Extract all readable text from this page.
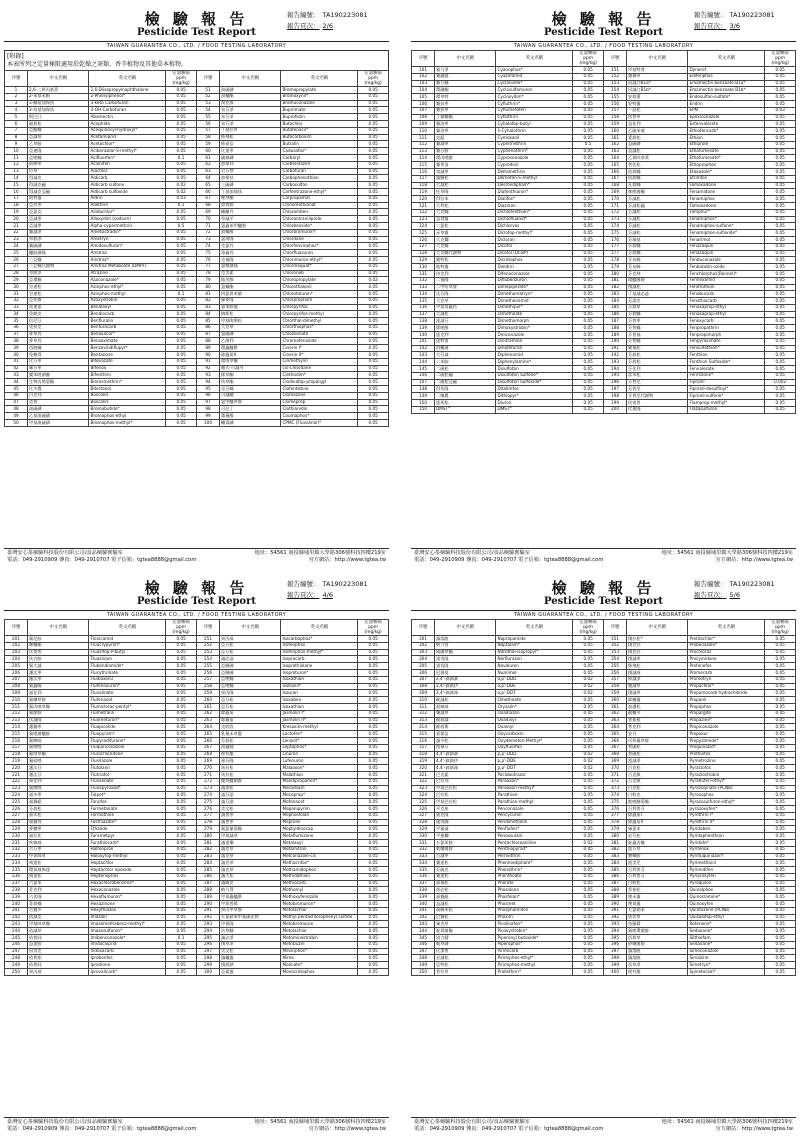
檢 驗 報 告
Pesticide Test Report
報告編號： TA190223081
報告頁次： 2/6
TAIWAN GUARANTEA CO., LTD. / FOOD TESTING LABORATORY
[附錄]
本表所列之定量極限適用於乾燥之茶類、香辛植物及其他草本植物。
序號	中文名稱	英文名稱	定量極限 ppm (mg/kg)	序號	中文名稱	英文名稱	定量極限 ppm (mg/kg)
1	2,6-二異丙基萘	2,6-Diisopropylnaphthalene	0.05	51	溴硫磷	Bromopropylate	0.05
2	2-苯基苯酚	2-Phenylphenol*	0.05	52	溴蟎酯	Bromoxynil*	0.05
3	3-酮基加保扶	3-keto Carbofuran	0.05	53	溴克威	Bromuconazole	0.05
4	3-羥基加保扶	3-OH Carbofuran	0.05	54	布芬淨	Bupirimate	0.05
5	阿巴汀	Abamectin	0.05	55	布芬淨	Buprofezin	0.05
6	毆殺松	Acephate	0.05	56	布芬淨	Butachlor	0.05
7	亞醌蟎	Acequinocyl-hydroxyl*	0.05	57	丁基拉草	Butafenacil*	0.05
8	亞滅培	Acetamiprid	0.05	58	佈飛松	Butocarboxim	0.05
9	乙草胺	Acetochlor*	0.05	59	佈嘉信	Butralin	0.05
10	亞速隆	Acibenzolar-S-methyl*	0.05	60	比達寧	Cadusafos*	0.05
11	亞喹蟎	Acifluorfen*	0.1	61	硫線磷	Carbaryl	0.05
12	阿納寧	Aclonifen	0.05	62	加保利	Carbendazim	0.05
13	拉草	Alachlor	0.05	63	貝芬替	Carbofuran	0.05
14	得滅克	Aldicarb	0.05	64	加保扶	Carbophenothion	0.05
15	得滅克碸	Aldicarb sulfone	0.02	65	三硫磷	Carbosulfan	0.05
16	得滅克亞碸	Aldicarb sulfoxide	0.02	66	丁基加保扶	Carfentrazone-ethyl*	0.05
17	阿特靈	Aldrin	0.03	67	唑草酮	Carpropamid	0.05
18	亞烈寧	Allethrin	0.1	68	加普胺	Chinomethionat	0.05
19	亞氯克	Allidochlor*	0.05	69	蟎離丹	Chloramben	0.05
20	亞滅寧	Alloxydim (sodium)	0.05	70	草滅平	Chlorantraniliprole	0.05
21	亞滅寧	Alpha-cypermethrin	0.5	71	氯蟲苯甲醯胺	Chlorbenside*	0.05
22	賽滅淨	Ametoctradin*	0.05	72	殺蟎醇	Chlorbromuron*	0.05
23	草殺淨	Ametryn	0.05	73	氯溴隆	Chlordane	0.05
24	賽硫磷	Amidosulfuron*	0.05	74	克氯丹	Chlorfenvinphos*	0.05
25	醯胺磺隆	Amitraz	0.05	75	毒蟲畏	Chlorfluazuron	0.05
26	三亞蟎	Amitraz*	0.05	76	克福隆	Chlorimuron-ethyl*	0.05
27	三亞蟎代謝物	Amitraz Metabolite (DMPF)	0.05	77	氯嘧磺隆	Chlormequat*	0.05
28	草脫淨	Atrazine	0.05	78	克美素	Chloroneb	0.05
29	亞環錫	Azaconazole*	0.05	79	地茂散	Chloropropylate	0.02
30	谷速松	Azinphos-ethyl*	0.05	80	氯蟎酯	Chlorothalonil	0.05
31	谷速松	Azinphos-methyl	0.1	81	四氯異苯腈	Chlorotoluron*	0.05
32	亞托敏	Azoxystrobin	0.05	82	綠麥隆	Chlorpropham	0.05
33	免速達	Benalaxyl	0.05	83	氯苯胺靈	Chlorpyrifos	0.05
34	免敵克	Bendiocarb	0.05	84	陶斯松	Chlorpyrifos-methyl	0.05
35	倍尼芬	Benfluralin	0.05	85	甲基陶斯松	Chlorthal-dimethyl	0.05
36	免扶克	Benfuracarb	0.05	86	大克草	Chlorthiophos*	0.05
37	麥草畏	Benoxacor*	0.05	87	氯硫磷	Chlozolinate	0.05
38	麥草畏	Benzoximate	0.05	88	乙菌利	Chromafenozide	0.05
39	西脫蟎	Benzovindiflupyr*	0.05	89	環蟲醯肼	Cinerin I*	0.05
40	免賴得	Bentazone	0.05	90	除蟲菊II	Cinerin II*	0.05
41	比芬寧	Bifenazate	0.05	91	環庚草醚	Cinmethylin	0.05
42	畢芬寧	Bifenox	0.05	92	順式-可滅丹	cis-Chlordane	0.05
43	雙苯唑菌酯	Bifenthrin	0.05	93	烯草酮	Clethodim*	0.05
44	生物丙烯菊酯	Bioresmethrin*	0.05	94	炔草酯	Clodinafop-propargyl	0.05
45	比多農	Bitertanol	0.05	95	克芬蟎	Clofentezine	0.05
46	白克列	Boscalid	0.05	96	可滅蹤	Clomazone	0.05
47	克普	Boscalid	0.05	97	氯甲醯草胺	Clomeprop	0.05
48	溴硫磷	Bromobutide*	0.05	98	可尼丁	Clothianidin	0.05
49	乙基溴硫磷	Bromophos-ethyl	0.05	99	薔薇醇	Coumaphos*	0.05
50	甲基溴硫磷	Bromophos-methyl*	0.05	100	蠅毒磷	CPMC (Fluvalinol)*	0.05
臺灣安心茶檢驗科技股份有限公司/食品檢驗實驗室
電話：049-2910909 傳真：049-2910707 電子信箱：tgtea8888@gmail.com
地址：54561 南投縣埔里鎮大學路306號科技四樓219室
官方網站：http://www.tgtea.tw
檢 驗 報 告
Pesticide Test Report
報告編號： TA190223081
報告頁次： 3/6
TAIWAN GUARANTEA CO., LTD. / FOOD TESTING LABORATORY
序號	中文名稱	英文名稱	定量極限 ppm (mg/kg)	序號	中文名稱	英文名稱	定量極限 ppm (mg/kg)
101	氰乃淨	Cyanophos*	0.05	151	甲基特普	Dynerof	0.05
102	賽蟲腈	Cyazofamid	0.05	152	護賽寧	Edifenphos	0.05
103	賽芬蟎	Cyclanilide*	0.05	153	因滅汀B1a*	Emamectin benzoate B1a*	0.05
104	環磺酮	Cyclosulfamuron	0.05	154	因滅汀B1b*	Emamectin benzoate B1b*	0.05
105	環草特	Cycloxydim*	0.05	155	安殺番	Endosulfan-sulfate*	0.05
106	賽扶寧	Cyfluthrin*	0.05	156	安特靈	Endrin	0.05
107	賽扶寧	Cyflumetofen	0.05	157	一品松	EPN	0.03
108	丁氟蟎酯	Cyfluthrin	0.05	158	依普寧	Epoxiconazole	0.05
109	賽洛寧	Cyhalofop-butyl	0.05	159	益化利	Esfenvalerate	0.05
110	賽洛寧	λ-Cyhalothrin	0.05	160	乙硫苯威	Ethiofencarb*	0.05
111	克絕	Cymoxanil	0.05	161	愛殺松	Ethion	0.05
112	賽滅寧	Cypermethrin	0.5	162	益硫磷	Ethiprole	0.05
113	賽芬胺	Cyphenothrin*	0.05	163	益滅松	Ethofumesate	0.05
114	環丙唑醇	Cyproconazole	0.05	164	乙氧呋草黃	Ethofumesate*	0.05
115	賽普洛	Cyprodinil	0.05	165	普伏松	Ethoprophos	0.05
116	第滅寧	Deltamethrin	0.05	166	依殺蟎	Etoxazole*	0.05
117	滅賜松	Demeton-S-methyl	0.05	167	依殺蟎	Etrimfos	0.05
118	大滅松	Desmedipham*	0.05	168	凡殺蟎	Famoxadone	0.05
119	托草隆	Diafenthiuron*	0.05	169	咪唑菌酮	Fenamidone	0.05
120	得拉本	Dialifos*	0.05	170	芬滅松	Fenamiphos	0.05
121	大利松	Diazinon	0.05	171	芬滅松碸	Famoxadone	0.05
122	大克蟎	Dichlofenthion*	0.05	172	芬滅松	Famphur*	0.05
123	益發靈	Dichlofluanid*	0.05	173	芬滅松	Fenamiphos*	0.05
124	二氯松	Dichlorvos	0.05	174	芬滅松	Fenamiphos-sulfone*	0.05
125	禾草靈	Diclofop-methyl*	0.05	175	芬滅松	Fenamiphos-sulfoxide*	0.05
126	大克爛	Dicloran	0.05	176	芬瑞莫	Fenarimol	0.05
127	大克蟎	Dicofol	0.05	177	芬殺蟎	Fenazaquin	0.05
128	大克蟎代謝物	Dicofol (DCBP)	0.05	177	芬殺蟎	Fenazaquin	0.05
129	雙特松	Dicrotophos	0.05	178	芬布賜	Fenbuconazole	0.05
130	地特靈	Dieldrin	0.05	179	芬布賜	Fenbutatin-oxide	0.05
131	待克利	Difenoconazole	0.05	180	芬克林	Fenchlorphos(Ronnel)*	0.05
132	二福隆	Diflubenzuron	0.05	181	環醯菌胺	Fenhexamid	0.05
133	二甲吩草胺	Dimepiperate*	0.05	182	撲滅松	Fenitrothion	0.05
134	汰芬隆	Dimethametryn*	0.05	183	丁基滅必蝨	Fenobucarb	0.05
135	大克草	Dimethenamid	0.05	184	芬諾克	Fenothiocarb	0.05
136	甲基毒蟲畏	Dimethipin*	0.05	185	芬殺草	Fenoxaprop-ethyl	0.05
137	大滅松	Dimethoate	0.05	186	芬殺蟎	Fenoxaprop-ethyl	0.05
138	達滅芬	Dimethomorph	0.05	187	芬普寧	Fenoxycarb	0.05
139	烯唑醇	Dimoxystrobin*	0.05	188	芬普蟎	Fenpropathrin	0.05
140	達克利	Diniconazole	0.05	189	芬普福	Fenpropimorph	0.05
141	達特南	Dinitramine	0.05	190	芬普蟎	Fenpyroximate	0.05
142	消蟎通	Dinotefuran	0.05	191	繁福松	Fensulfothion*	0.05
143	大芬滅	Diphenamid	0.05	192	芬殺松	Fenthion	0.05
144	二苯胺	Diphenylamine*	0.05	193	芬殺松	Fenthion Sulfoxide*	0.05
145	二硫松	Disulfoton	0.05	194	芬化利	Fenvalerate	0.05
146	二硫松碸	Disulfoton Sulfone*	0.05	195	富米松	Ferimzone*	0.05
147	二硫松亞碸	Disulfoton Sulfoxide*	0.05	196	芬普尼	Fipronil	0.002
148	得伏隆	Ditalimfos	0.05	197	芬普尼	Fipronil-desulfinyl*	0.05
149	二噻農	Dithiopyr*	0.05	198	芬普尼代謝物	Fipronil-sulfone*	0.05
150	達馬松	Diuron	0.05	199	伏寄普	Flamprop-methyl*	0.05
150	DMST*	DMST*	0.05	200	伏速隆	Flazasulfuron	0.05
臺灣安心茶檢驗科技股份有限公司/食品檢驗實驗室
電話：049-2910909 傳真：049-2910707 電子信箱：tgtea8888@gmail.com
地址：54561 南投縣埔里鎮大學路306號科技四樓219室
官方網站：http://www.tgtea.tw
檢 驗 報 告
Pesticide Test Report
報告編號： TA190223081
報告頁次： 4/6
TAIWAN GUARANTEA CO., LTD. / FOOD TESTING LABORATORY
序號	中文名稱	英文名稱	定量極限 ppm (mg/kg)	序號	中文名稱	英文名稱	定量極限 ppm (mg/kg)
201	氟尼胺	Flonicamid	0.05	251	異丙威	Isocarbophos*	0.05
202	嘧蟎酯	Fluacrypyrim*	0.05	252	亞芬松	Isofenphos	0.05
203	伏寄普	Fluazifop-P-butyl	0.05	253	亞芬松	Isofenphos-methyl*	0.05
204	扶吉胺	Fluazinam	0.05	254	滅必蝨	Isoprocarb	0.05
205	氟大滅	Flubendiamide*	0.05	255	亞賜圃	Isoprothiolane	0.05
206	護汰寧	Flucythrinate	0.05	256	亞賜圃	Isoproturon*	0.05
207	護汰寧	Fludioxonil	0.05	257	亞喹蟎	Isoxathion	0.05
208	氟蟲脲	Flufenoxuron*	0.05	258	亞喹蟎	Isotianil*	0.05
209	福化利	Fluvalinate	0.05	259	異丙隆	Isouron	0.05
210	氟噻草胺	Flufenacet	0.05	260	亞芬松	Isoxaben	0.05
211	氟丙嘧草酯	Flumiclorac-pentyl*	0.05	261	亞芬松	Isoxathion	0.05
212	氟節胺	Flumetralin	0.05	262	除蟲菊	Jasmolin I*	0.05
213	伏滅隆	Fluometuron*	0.05	263	除蟲菊	Jasmolin II*	0.05
214	護賽寧	Fluopicolide	0.05	264	克收欣	Kresoxim-methyl	0.05
215	氟吡菌醯胺	Fluopyram*	0.05	265	乳氟禾草靈	Lactofen*	0.05
216	氟嘧啶	Flupyradifurone*	0.05	266	芬殺松	Lenacil*	0.05
217	氟喹唑	Fluquinconazole	0.05	267	溴蟲腈	Leptophos*	0.05
218	氟咯草酮	Flurochloridone	0.05	268	理有龍	Linuron	0.05
219	氟硅唑	Flusilazole	0.05	269	祿芬隆	Lufenuron	0.05
220	護汰芬	Flutolanil	0.05	270	馬拉松	Malaoxon*	0.05
221	護汰芬	Flutriafol	0.05	271	馬拉松	Malathion	0.05
222	福化利	Fluvalinate	0.05	272	雙炔醯菌胺	Mandipropamid*	0.05
223	氟喹唑	Fluxapyroxad*	0.05	273	滅加松	Mecarbam	0.05
224	福多寧	Folpet*	0.05	274	滅芬諾	Mecoprop*	0.05
225	福賽絕	Fonofos	0.05	275	滅芬諾	Mefenacet	0.05
226	芬殺松	Formetanate	0.05	276	美文松	Mepanipyrim	0.05
227	福木松	Formothion	0.05	277	滅普寧	Mephosfolan	0.05
228	福賽得	Fosthiazate*	0.05	278	滅普寧	Mepronil	0.05
229	麥穗寧	Fthalide	0.05	279	氟氯氰菊酯	Meptyldinocap	0.05
230	福拉比	Furametpyr	0.05	280	甲氧滅草	Metaflumizone	0.05
231	呋線威	Furathiocarb*	0.05	281	滅達樂	Metalaxyl	0.05
232	合芬寧	Halfenprox	0.05	282	滅克草	Metamitron	0.05
233	甲氧咪草	Haloxyfop-methyl	0.05	283	滅克草	Metconazole-cis	0.05
234	飛達松	Heptachlor	0.05	284	滅克草	Methacrifos*	0.05
235	環氧飛佈達	Heptachlor epoxide	0.05	285	滅克草	Methamidophos	0.05
236	飛達松	Heptenophos	0.05	286	滅大松	Methidathion	0.05
237	六氯苯	Hexachlorobenzene*	0.05	287	滅賜克	Methiocarb	0.05
238	菲克利	Hexaconazole	0.05	288	納乃得	Methomyl	0.05
239	六伏隆	Hexaflumuron*	0.05	289	甲氧蟲醯肼	Methoxyfenozide	0.05
240	菲殺蟎	Hexazinone	0.05	290	甲氧普烯	Metobromuron*	0.05
241	合賽多	Hexythiazox	0.05	291	異丙甲草胺	Metolachlor	0.05
242	依滅克	Imazalil	0.05	292	五氯硝苯甲基硫化物	Methyl pentachlorophenyl sulfide	0.05
243	甲基咪草酯	Imazamethabenz-methyl*	0.05	293	甲氧隆	Metobromuron	0.05
244	依滅草	Imazosulfuron*	0.05	294	治草醚	Metolachlor	0.05
245	依普同	Imibenconazole*	0.1	295	滅必淨	Metominostrobin	0.05
246	益達胺	Imidacloprid	0.05	296	撲草淨	Metribuzin	0.05
247	因得克	Indoxacarb	0.05	297	美文松	Mevinphos*	0.05
248	依普座	Iprobenfos	0.05	298	滅蟻靈	Mirex	0.05
249	依普同	Iprodione	0.05	299	撲殺熱	Molinate*	0.05
250	異丙威	Iprovalicarb*	0.05	300	亞素靈	Monocrotophos	0.05
臺灣安心茶檢驗科技股份有限公司/食品檢驗實驗室
電話：049-2910909 傳真：049-2910707 電子信箱：tgtea8888@gmail.com
地址：54561 南投縣埔里鎮大學路306號科技四樓219室
官方網站：http://www.tgtea.tw
檢 驗 報 告
Pesticide Test Report
報告編號： TA190223081
報告頁次： 5/6
TAIWAN GUARANTEA CO., LTD. / FOOD TESTING LABORATORY
序號	中文名稱	英文名稱	定量極限 ppm (mg/kg)	序號	中文名稱	英文名稱	定量極限 ppm (mg/kg)
301	滅落脫	Napropamide	0.05	351	撲拉松*	Pretilachlor*	0.05
302	納乃得	Naptalam*	0.05	352	撲克拉	Probenazole*	0.05
303	硝磺草酮	Nitrothal-isopropyl*	0.05	353	撲克拉	Prochloraz	0.05
304	諾伐隆	Norflurazon	0.05	354	撲滅寧	Procymidone	0.05
305	諾伐隆	Novaluron	0.05	355	佈飛松	Profenofos	0.05
306	尼瑞莫	Nuarimol	0.05	356	撲滅威	Promecarb	0.05
307	2,4'-滴滴滴	o,p'-DDD	0.02	357	佈滅淨	Prometryn	0.05
308	2,4'-滴滴伊	o,p'-DDE	0.02	358	雙滅草	Propachlor*	0.05
309	2,4'-滴滴涕	o,p'-DDT	0.02	359	撲滅寧	Propamocarb hydrochloride	0.05
310	歐滅松	Omethoate	0.05	360	除蟎靈	Propanil	0.05
311	殺線威	Oryzalin*	0.05	361	加護松	Propaphos	0.05
312	樂滅草	Oxadiazon	0.05	362	毆蟎多	Propargite	0.05
313	毆殺滅	Oxadixyl	0.05	363	普拔根	Propazine*	0.05
314	歐殺斯	Oxamyl	0.05	364	普克利	Propiconazole	0.05
315	嘉保信	Oxycarboxin	0.05	365	安丹	Propoxur	0.05
316	滅多松	Oxydemeton-Methyl*	0.05	366	丙炔氟草胺	Propyzamide*	0.05
317	復祿芬	Oxyfluorfen	0.05	367	普硫松	Proquinazid*	0.05
318	4,4'-滴滴滴	p,p'-DDD	0.02	368	普硫松	Prothiofos	0.05
319	4,4'-滴滴伊	p,p'-DDE	0.02	369	派滅淨	Pymetrozine	0.05
320	4,4'-滴滴涕	p,p'-DDT	0.02	370	白克松	Pyraclofos	0.05
321	巴克素	Paclobutrazol	0.05	371	百克敏	Pyraclostrobin	0.05
322	巴拉刈	Paraoxon*	0.05	372	百克敏	Pyraflufen-ethyl*	0.05
323	甲基巴拉松	Paraoxon-methyl*	0.05	373	白克松	Pyrazolynate (PCNB)	0.05
324	巴拉松	Parathion	0.05	374	白粉克	Pyrazophos	0.05
325	甲基巴拉松	Parathion-methyl	0.05	375	吡唑醚菊酯	Pyrazosulfuron-ethyl*	0.05
326	平克座	Penconazole	0.05	376	百利普芬	pyrazoxyfen*	0.05
327	賓克隆	Pencycuron	0.05	377	除蟲菊I	Pyrethrin I*	0.05
328	施得圃	Pendimethalin	0.05	378	除蟲菊II	Pyrethrin II*	0.05
329	平氟滅	Penflufen*	0.05	379	畢達本	Pyridaben	0.05
330	平速爛	Penoxsulam	0.05	380	必芬松	Pyridaphenthion	0.05
331	五氯苯胺	Pentachloroaniline	0.02	381	啶蟲丙醚	Pyridate*	0.05
332	吡噻菌胺	Penthiopyrad*	0.05	382	派芬草	Pyrifenox	0.05
333	百滅寧	Permethrin	0.05	383	嘧螨胺	Pyrifluquinazon*	0.05
334	賽達松	Phenmedipham*	0.05	384	派美尼	Pyrimethanil	0.05
335	芬硫克	Phenothrin*	0.05	385	百利普芬	Pyrimidifen	0.05
336	賽達松	Phenthoate	0.05	386	百利普芬	Pyriproxyfen	0.05
337	福瑞松	Phorate	0.05	387	白粉松	Pyroquilon	0.05
338	裕必松	Phosalone	0.05	388	拜裕松	Quinalphos	0.05
339	福賽絕	Phosfolan*	0.05	389	喹禾靈	Quinoclamine*	0.05
340	益滅松	Phosmet	0.05	390	喹氧靈	Quinoxyfen	0.05
341	福賜米松	Phosphamidon	0.05	391	五氯硝苯	Quintozene (PCNB)	0.05
342	巴賽松	Phoxim	0.05	392	快伏草	Quizalofop-ethyl	0.05
343	畢克草	Picolinafen*	0.05	393	魚藤精	Rotenone*	0.05
344	啶氧菌酯	Picoxystrobin*	0.05	394	氟唑環菌胺	Sedaxane*	0.05
345	協力精	Piperonyl butoxide*	0.05	395	西殺草	Silthiofam	0.05
346	哌草磷	Piperophos*	0.05	396	矽噻菌胺	Sedaxane*	0.05
347	比加普	Pirimicarb	0.05	397	滅落脫	Simeconazole	0.05
348	必滅松	Pirimiphos-ethyl*	0.05	398	滅落脫	Simazine	0.05
349	亞特松	Pirimiphos-methyl	0.05	399	西草淨	Simetryn*	0.05
350	普拉草	Prallethrin*	0.05	400	理有龍	Spinetoram*	0.05
臺灣安心茶檢驗科技股份有限公司/食品檢驗實驗室
電話：049-2910909 傳真：049-2910707 電子信箱：tgtea8888@gmail.com
地址：54561 南投縣埔里鎮大學路306號科技四樓219室
官方網站：http://www.tgtea.tw
